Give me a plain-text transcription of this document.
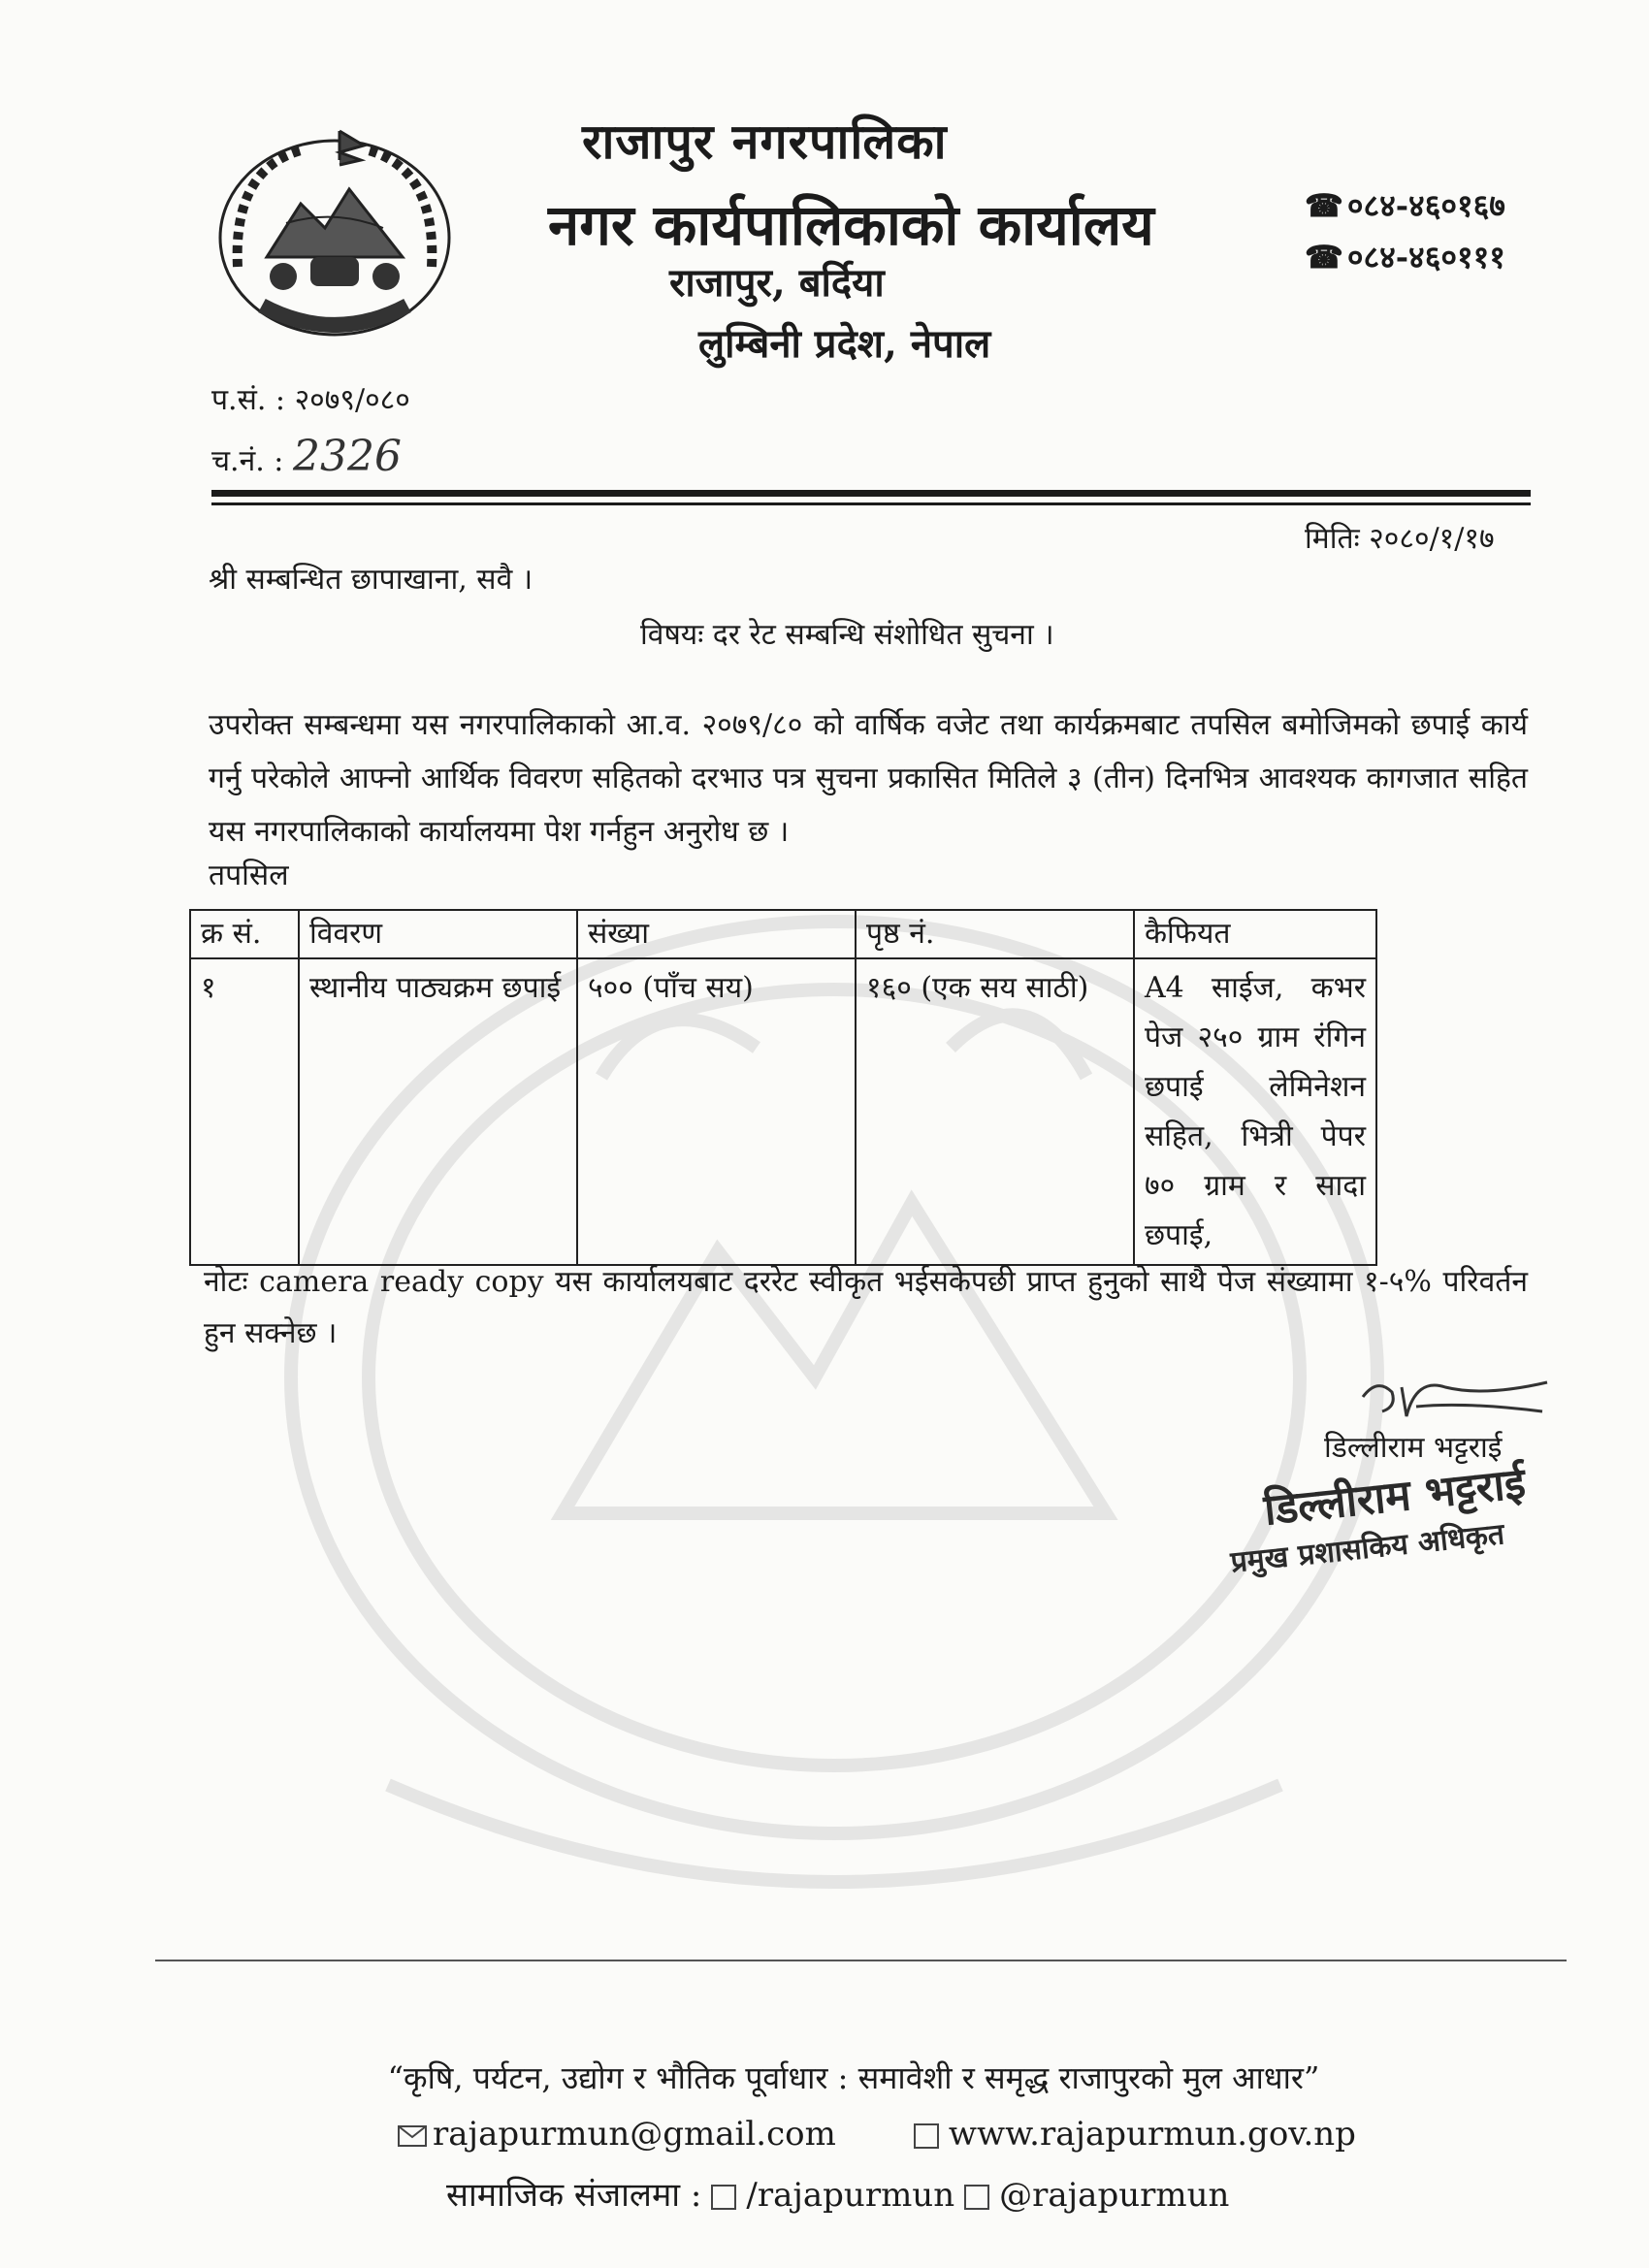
राजापुर नगरपालिका
नगर कार्यपालिकाको कार्यालय
राजापुर, बर्दिया
लुम्बिनी प्रदेश, नेपाल
☎ ०८४-४६०१६७
☎ ०८४-४६०१११
प.सं. : २०७९/०८०
च.नं. : 2326
मितिः २०८०/१/१७
श्री सम्बन्धित छापाखाना, सवै ।
विषयः दर रेट सम्बन्धि संशोधित सुचना ।
उपरोक्त सम्बन्धमा यस नगरपालिकाको आ.व. २०७९/८० को वार्षिक वजेट तथा कार्यक्रमबाट तपसिल बमोजिमको छपाई कार्य गर्नु परेकोले आफ्नो आर्थिक विवरण सहितको दरभाउ पत्र सुचना प्रकासित मितिले ३ (तीन) दिनभित्र आवश्यक कागजात सहित यस नगरपालिकाको कार्यालयमा पेश गर्नहुन अनुरोध छ ।
तपसिल
क्र सं.	विवरण	संख्या	पृष्ठ नं.	कैफियत
१	स्थानीय पाठ्यक्रम छपाई	५०० (पाँच सय)	१६० (एक सय साठी)	A4 साईज, कभर पेज २५० ग्राम रंगिन छपाई लेमिनेशन सहित, भित्री पेपर ७० ग्राम र सादा छपाई,
नोटः camera ready copy यस कार्यालयबाट दररेट स्वीकृत भईसकेपछी प्राप्त हुनुको साथै पेज संख्यामा १-५% परिवर्तन हुन सक्नेछ ।
डिल्लीराम भट्टराई
डिल्लीराम भट्टराई
प्रमुख प्रशासकिय अधिकृत
“कृषि, पर्यटन, उद्योग र भौतिक पूर्वाधार : समावेशी र समृद्ध राजापुरको मुल आधार”
rajapurmun@gmail.com	www.rajapurmun.gov.np
सामाजिक संजालमा : /rajapurmun @rajapurmun
